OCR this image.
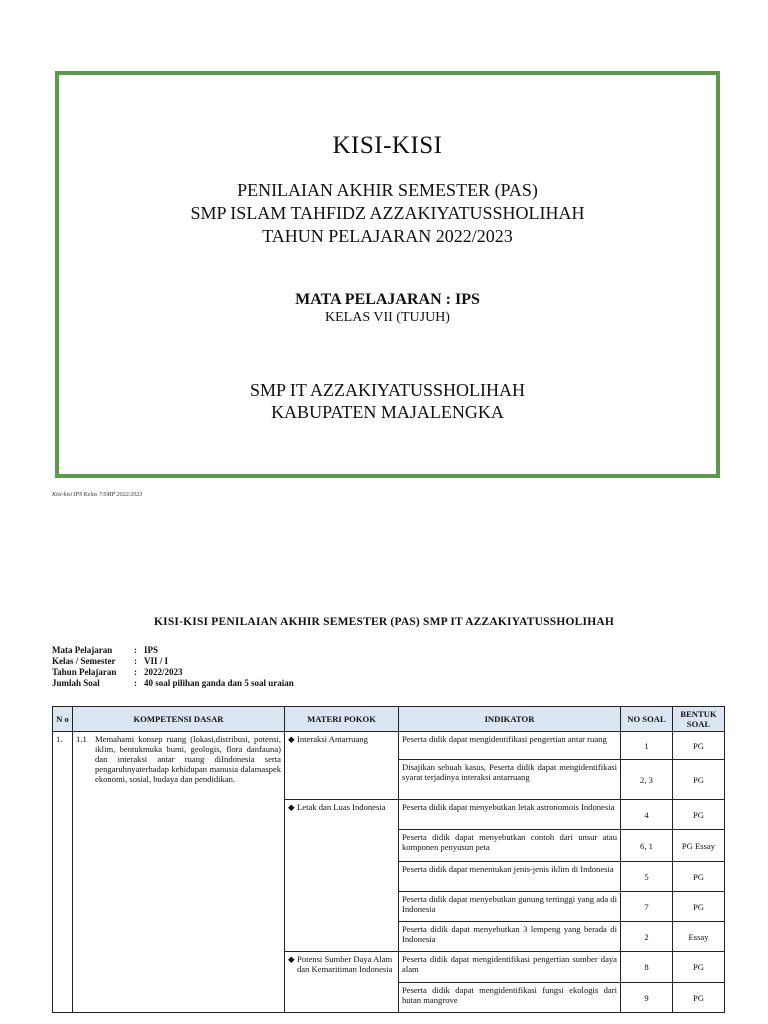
KISI-KISI
PENILAIAN AKHIR SEMESTER (PAS)
SMP ISLAM TAHFIDZ AZZAKIYATUSSHOLIHAH
TAHUN PELAJARAN 2022/2023
MATA PELAJARAN : IPS
KELAS VII (TUJUH)
SMP IT AZZAKIYATUSSHOLIHAH
KABUPATEN MAJALENGKA
Kisi-kisi IPS Kelas 7/SMP 2022/2023
KISI-KISI PENILAIAN AKHIR SEMESTER (PAS) SMP IT AZZAKIYATUSSHOLIHAH
Mata Pelajaran	: IPS
Kelas / Semester	: VII / I
Tahun Pelajaran	: 2022/2023
Jumlah Soal	: 40 soal pilihan ganda dan 5 soal uraian
N o	KOMPETENSI DASAR	MATERI POKOK	INDIKATOR	NO SOAL	BENTUK SOAL
1.	1.1 Memahami konsep ruang (lokasi,distribusi, potensi, iklim, bentukmuka bumi, geologis, flora danfauna) dan interaksi antar ruang diIndonesia serta pengaruhnyaterhadap kehidupan manusia dalamaspek ekonomi, sosial, budaya dan pendidikan.	◆ Interaksi Antarruang	Peserta didik dapat mengidentifikasi pengertian antar ruang	1	PG
			Disajikan sebuah kasus, Peserta didik dapat mengidentifikasi syarat terjadinya interaksi antarruang	2, 3	PG

		◆ Letak dan Luas Indonesia	Peserta didik dapat menyebutkan letak astronomois Indonesia	4	PG
			Peserta didik dapat menyebutkan contoh dari unsur atau komponen penyusun peta	6, 1	PG Essay
			Peserta didik dapat menentukan jenis-jenis iklim di Indonesia	5	PG
			Peserta didik dapat menyebutkan gunung tertinggi yang ada di Indonesia	7	PG
			Peserta didik dapat menyebutkan 3 lempeng yang berada di Indonesia	2	Essay

		◆ Potensi Sumber Daya Alam dan Kemaritiman Indonesia	Peserta didik dapat mengidentifikasi pengertian sumber daya alam	8	PG
			Peserta didik dapat mengidentifikasi fungsi ekologis dari hutan mangrove	9	PG
